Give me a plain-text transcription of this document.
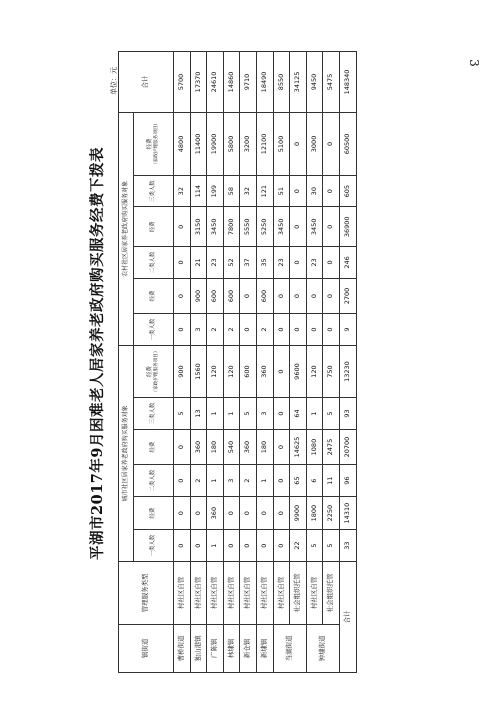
3
平湖市2017年9月困难老人居家养老政府购买服务经费下拨表
单位：元
镇街道	管理服务类型	城市社区居家养老政府购买服务对象						农村社区居家养老政府购买服务对象						合计
		一类人数	经费	二类人数	经费	三类人数	经费 （家政护理服务项目）	一类人数	经费	二类人数	经费	三类人数	经费 （家政护理服务项目）	

曹桥街道	村社区自管	0	0	0	0	5	900	0	0	0	0	32	4800	5700
独山港镇	村社区自管	0	0	2	360	13	1560	3	900	21	3150	114	11400	17370
广陈镇	村社区自管	1	360	1	180	1	120	2	600	23	3450	199	19900	24610
林埭镇	村社区自管	0	0	3	540	1	120	2	600	52	7800	58	5800	14860
新仓镇	村社区自管	0	0	2	360	5	600	0	0	37	5550	32	3200	9710
新埭镇	村社区自管	0	0	1	180	3	360	2	600	35	5250	121	12100	18490
当湖街道	村社区自管	0	0	0	0	0	0	0	0	23	3450	51	5100	8550
	社会组织托管	22	9900	65	14625	64	9600	0	0	0	0	0	0	34125
钟埭街道	村社区自管	5	1800	6	1080	1	120	0	0	23	3450	30	3000	9450
	社会组织托管	5	2250	11	2475	5	750	0	0	0	0	0	0	5475
合计		33	14310	96	20700	93	13230	9	2700	246	36900	605	60500	148340
